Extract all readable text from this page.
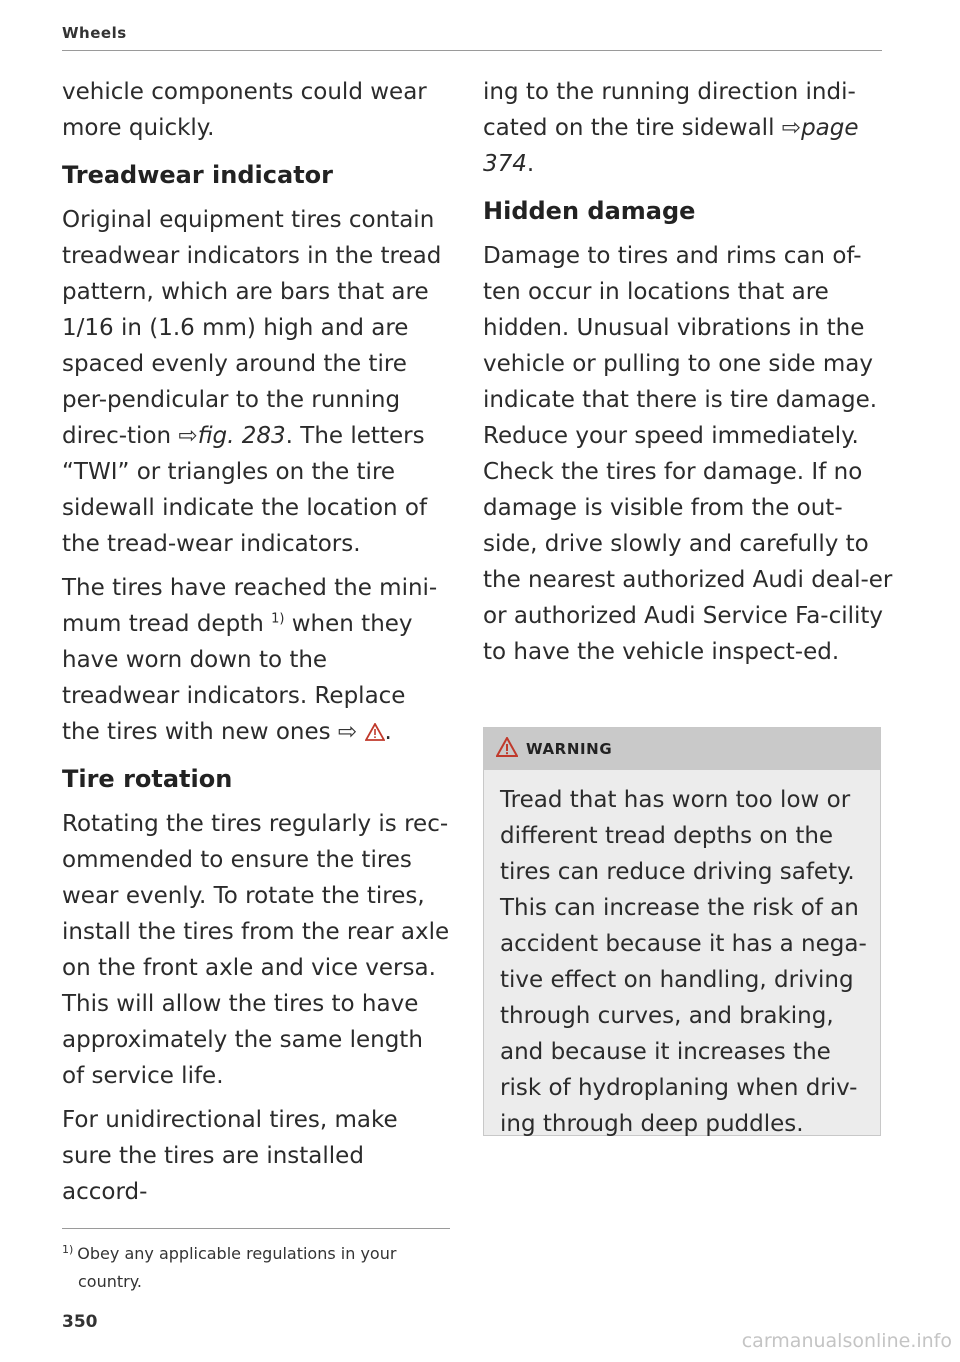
Wheels

vehicle components could wear more quickly.

Treadwear indicator

Original equipment tires contain treadwear indicators in the tread pattern, which are bars that are 1/16 in (1.6 mm) high and are spaced evenly around the tire per-pendicular to the running direc-tion ⇨fig. 283. The letters “TWI” or triangles on the tire sidewall indicate the location of the tread-wear indicators.

The tires have reached the mini-mum tread depth $^{1)}$ when they have worn down to the treadwear indicators. Replace the tires with new ones ⇨ .

Tire rotation

Rotating the tires regularly is rec-ommended to ensure the tires wear evenly. To rotate the tires, install the tires from the rear axle on the front axle and vice versa. This will allow the tires to have approximately the same length of service life.

For unidirectional tires, make sure the tires are installed accord-

ing to the running direction indi-cated on the tire sidewall ⇨page 374.

Hidden damage

Damage to tires and rims can of-ten occur in locations that are hidden. Unusual vibrations in the vehicle or pulling to one side may indicate that there is tire damage. Reduce your speed immediately. Check the tires for damage. If no damage is visible from the out-side, drive slowly and carefully to the nearest authorized Audi deal-er or authorized Audi Service Fa-cility to have the vehicle inspect-ed.

WARNING
Tread that has worn too low or different tread depths on the tires can reduce driving safety. This can increase the risk of an accident because it has a nega-tive effect on handling, driving through curves, and braking, and because it increases the risk of hydroplaning when driv-ing through deep puddles.
$^{1)}$ Obey any applicable regulations in your
country.
350
carmanualsonline.info
